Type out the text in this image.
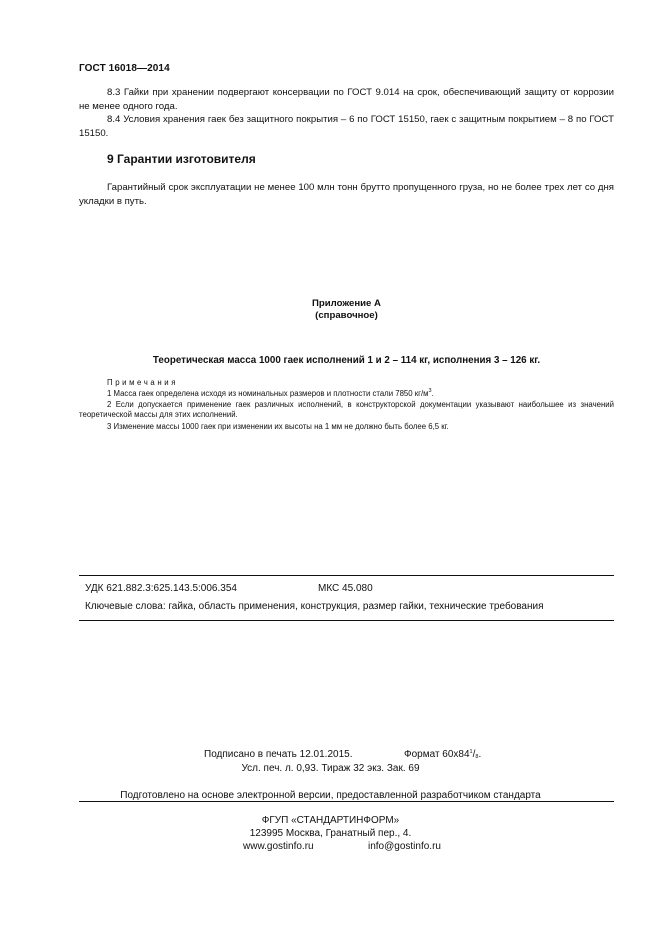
ГОСТ 16018—2014
8.3 Гайки при хранении подвергают консервации по ГОСТ 9.014 на срок, обеспечивающий защиту от коррозии не менее одного года.
8.4 Условия хранения гаек без защитного покрытия – 6 по ГОСТ 15150, гаек с защитным покрытием – 8 по ГОСТ 15150.
9 Гарантии изготовителя
Гарантийный срок эксплуатации не менее 100 млн тонн брутто пропущенного груза, но не более трех лет со дня укладки в путь.
Приложение А
(справочное)
Теоретическая масса 1000 гаек исполнений 1 и 2 – 114 кг, исполнения 3 – 126 кг.
Примечания
1 Масса гаек определена исходя из номинальных размеров и плотности стали 7850 $кг/м^3$.
2 Если допускается применение гаек различных исполнений, в конструкторской документации указывают наибольшее из значений теоретической массы для этих исполнений.
3 Изменение массы 1000 гаек при изменении их высоты на 1 мм не должно быть более 6,5 кг.
УДК 621.882.3:625.143.5:006.354	МКС 45.080
Ключевые слова: гайка, область применения, конструкция, размер гайки, технические требования
Подписано в печать 12.01.2015.	Формат $60х84^1/_8$.
Усл. печ. л. 0,93. Тираж 32 экз. Зак. 69
Подготовлено на основе электронной версии, предоставленной разработчиком стандарта
ФГУП «СТАНДАРТИНФОРМ»
123995 Москва, Гранатный пер., 4.
www.gostinfo.ru	info@gostinfo.ru
